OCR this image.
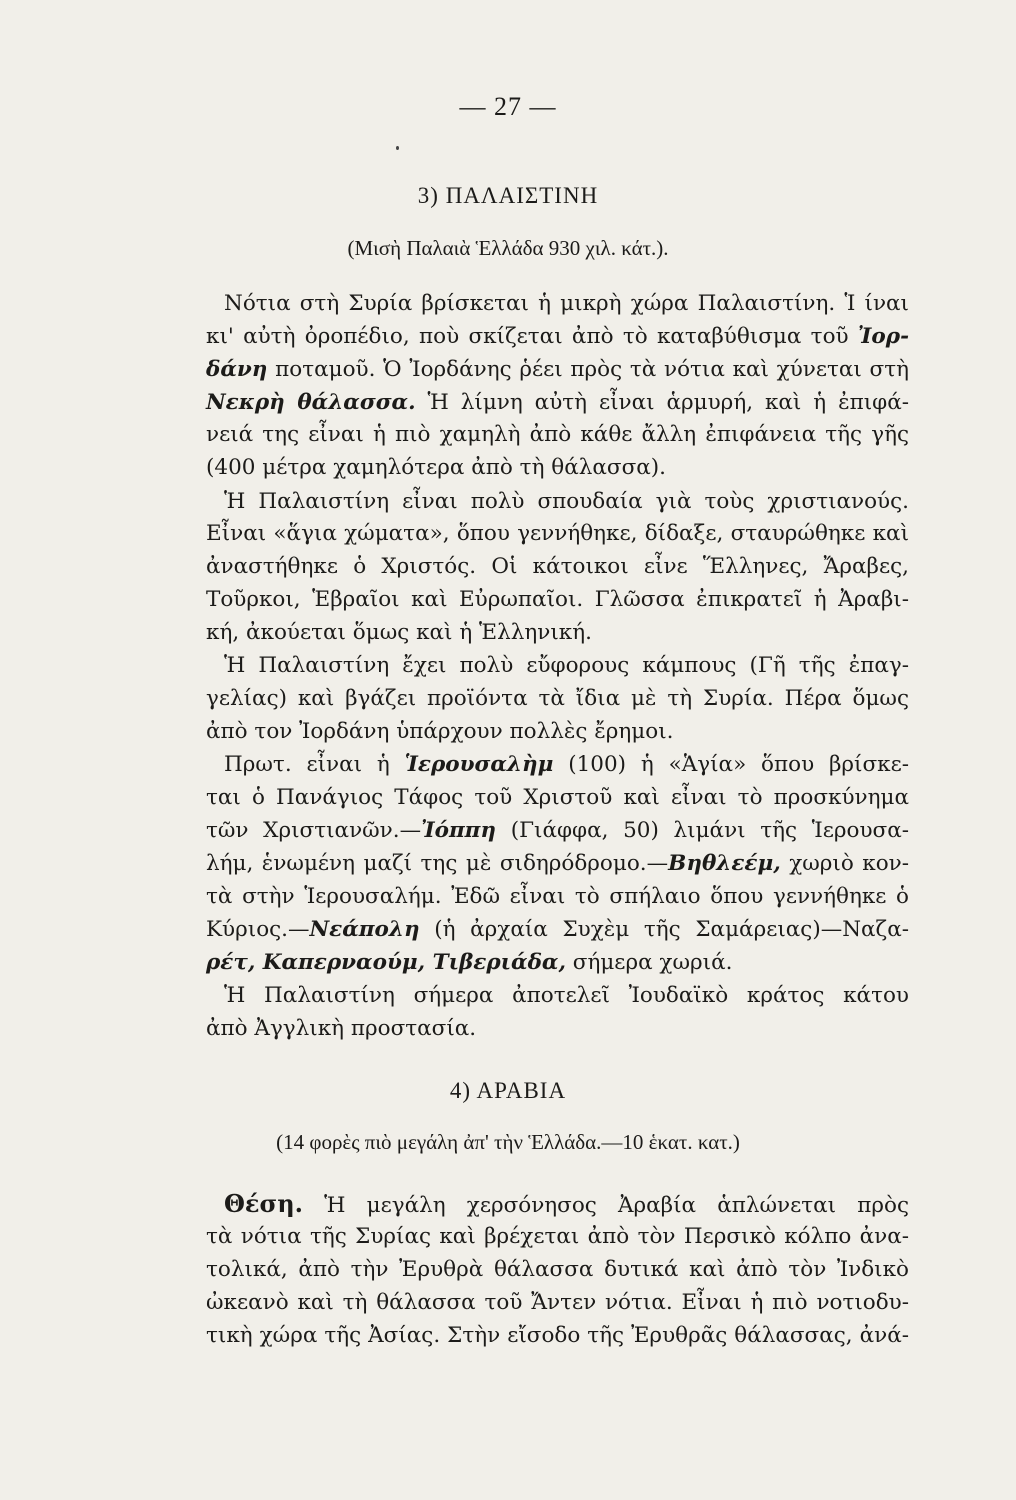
— 27 —
3) ΠΑΛΑΙΣΤΙΝΗ
(Μισὴ Παλαιὰ Ἑλλάδα 930 χιλ. κάτ.).
Νότια στὴ Συρία βρίσκεται ἡ μικρὴ χώρα Παλαιστίνη. Ἱ ίναι
κι' αὐτὴ ὀροπέδιο, ποὺ σκίζεται ἀπὸ τὸ καταβύθισμα τοῦ Ἰορ-
δάνη ποταμοῦ. Ὁ Ἰορδάνης ῥέει πρὸς τὰ νότια καὶ χύνεται στὴ
Νεκρὴ θάλασσα. Ἡ λίμνη αὐτὴ εἶναι ἁρμυρή, καὶ ἡ ἐπιφά-
νειά της εἶναι ἡ πιὸ χαμηλὴ ἀπὸ κάθε ἄλλη ἐπιφάνεια τῆς γῆς
(400 μέτρα χαμηλότερα ἀπὸ τὴ θάλασσα).
Ἡ Παλαιστίνη εἶναι πολὺ σπουδαία γιὰ τοὺς χριστιανούς.
Εἶναι «ἅγια χώματα», ὅπου γεννήθηκε, δίδαξε, σταυρώθηκε καὶ
ἀναστήθηκε ὁ Χριστός. Οἱ κάτοικοι εἶνε Ἕλληνες, Ἄραβες,
Τοῦρκοι, Ἑβραῖοι καὶ Εὐρωπαῖοι. Γλῶσσα ἐπικρατεῖ ἡ Ἀραβι-
κή, ἀκούεται ὅμως καὶ ἡ Ἑλληνική.
Ἡ Παλαιστίνη ἔχει πολὺ εὔφορους κάμπους (Γῆ τῆς ἐπαγ-
γελίας) καὶ βγάζει προϊόντα τὰ ἴδια μὲ τὴ Συρία. Πέρα ὅμως
ἀπὸ τον Ἰορδάνη ὑπάρχουν πολλὲς ἔρημοι.
Πρωτ. εἶναι ἡ Ἱερουσαλὴμ (100) ἡ «Ἁγία» ὅπου βρίσκε-
ται ὁ Πανάγιος Τάφος τοῦ Χριστοῦ καὶ εἶναι τὸ προσκύνημα
τῶν Χριστιανῶν.—Ἰόππη (Γιάφφα, 50) λιμάνι τῆς Ἱερουσα-
λήμ, ἑνωμένη μαζί της μὲ σιδηρόδρομο.—Βηθλεέμ, χωριὸ κον-
τὰ στὴν Ἱερουσαλήμ. Ἐδῶ εἶναι τὸ σπήλαιο ὅπου γεννήθηκε ὁ
Κύριος.—Νεάπολη (ἡ ἀρχαία Συχὲμ τῆς Σαμάρειας)—Ναζα-
ρέτ, Καπερναούμ, Τιβεριάδα, σήμερα χωριά.
Ἡ Παλαιστίνη σήμερα ἀποτελεῖ Ἰουδαϊκὸ κράτος κάτου
ἀπὸ Ἀγγλικὴ προστασία.
4) ΑΡΑΒΙΑ
(14 φορὲς πιὸ μεγάλη ἀπ' τὴν Ἑλλάδα.—10 ἑκατ. κατ.)
Θέση. Ἡ μεγάλη χερσόνησος Ἀραβία ἁπλώνεται πρὸς
τὰ νότια τῆς Συρίας καὶ βρέχεται ἀπὸ τὸν Περσικὸ κόλπο ἀνα-
τολικά, ἀπὸ τὴν Ἐρυθρὰ θάλασσα δυτικά καὶ ἀπὸ τὸν Ἰνδικὸ
ὠκεανὸ καὶ τὴ θάλασσα τοῦ Ἄντεν νότια. Εἶναι ἡ πιὸ νοτιοδυ-
τικὴ χώρα τῆς Ἀσίας. Στὴν εἴσοδο τῆς Ἐρυθρᾶς θάλασσας, ἀνά-
